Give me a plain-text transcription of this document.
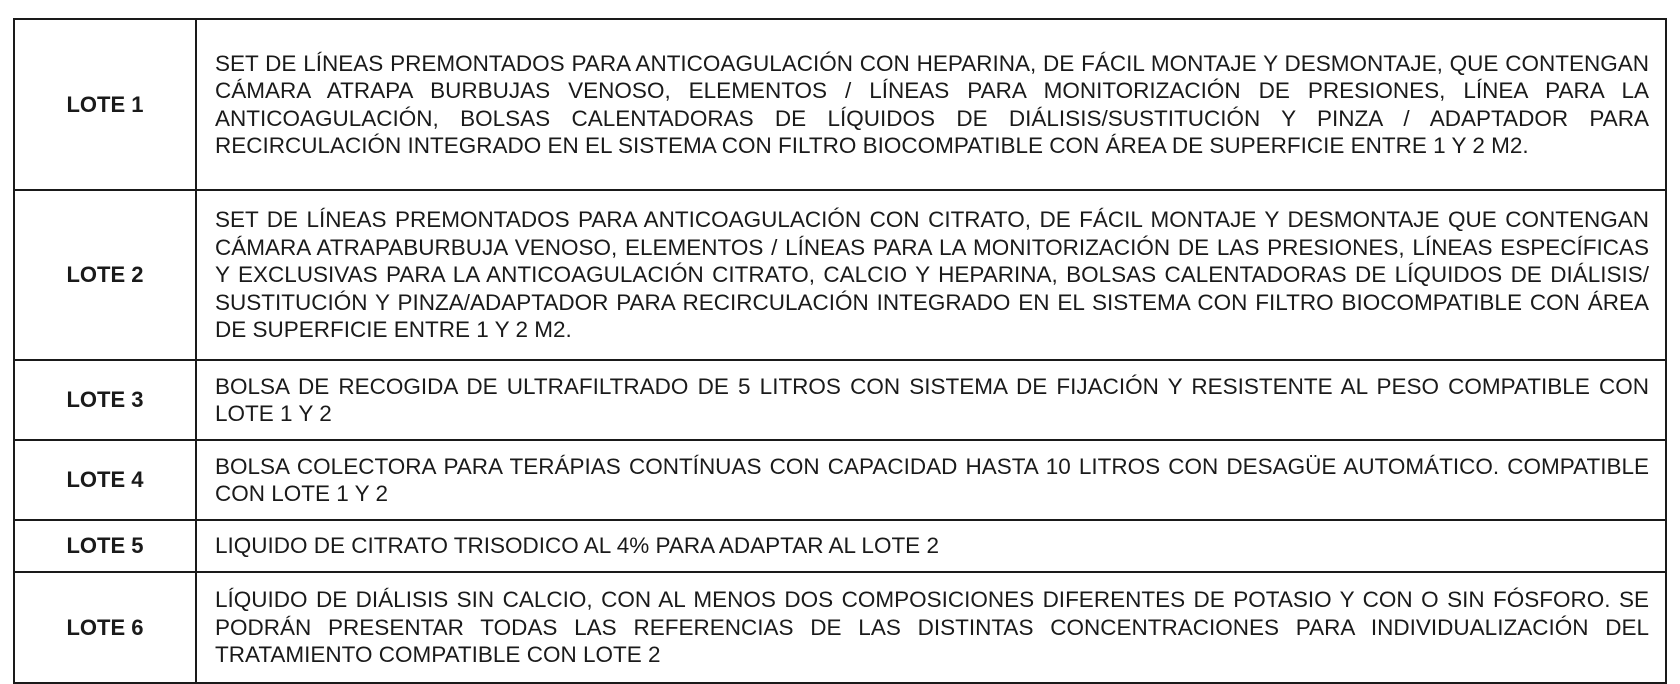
LOTE 1	SET DE LÍNEAS PREMONTADOS PARA ANTICOAGULACIÓN CON HEPARINA, DE FÁCIL MONTAJE Y DESMONTAJE, QUE CONTENGAN CÁMARA ATRAPA BURBUJAS VENOSO, ELEMENTOS / LÍNEAS PARA MONITORIZACIÓN DE PRESIONES, LÍNEA PARA LA ANTICOAGULACIÓN, BOLSAS CALENTADORAS DE LÍQUIDOS DE DIÁLISIS/SUSTITUCIÓN Y PINZA / ADAPTADOR PARA RECIRCULACIÓN INTEGRADO EN EL SISTEMA CON FILTRO BIOCOMPATIBLE CON ÁREA DE SUPERFICIE ENTRE 1 Y 2 M2.
LOTE 2	SET DE LÍNEAS PREMONTADOS PARA ANTICOAGULACIÓN CON CITRATO, DE FÁCIL MONTAJE Y DESMONTAJE QUE CONTENGAN CÁMARA ATRAPABURBUJA VENOSO, ELEMENTOS / LÍNEAS PARA LA MONITORIZACIÓN DE LAS PRESIONES, LÍNEAS ESPECÍFICAS Y EXCLUSIVAS PARA LA ANTICOAGULACIÓN CITRATO, CALCIO Y HEPARINA, BOLSAS CALENTADORAS DE LÍQUIDOS DE DIÁLISIS/ SUSTITUCIÓN Y PINZA/ADAPTADOR PARA RECIRCULACIÓN INTEGRADO EN EL SISTEMA CON FILTRO BIOCOMPATIBLE CON ÁREA DE SUPERFICIE ENTRE 1 Y 2 M2.
LOTE 3	BOLSA DE RECOGIDA DE ULTRAFILTRADO DE 5 LITROS CON SISTEMA DE FIJACIÓN Y RESISTENTE AL PESO COMPATIBLE CON LOTE 1 Y 2
LOTE 4	BOLSA COLECTORA PARA TERÁPIAS CONTÍNUAS CON CAPACIDAD HASTA 10 LITROS CON DESAGÜE AUTOMÁTICO. COMPATIBLE CON LOTE 1 Y 2
LOTE 5	LIQUIDO DE CITRATO TRISODICO AL 4% PARA ADAPTAR AL LOTE 2
LOTE 6	LÍQUIDO DE DIÁLISIS SIN CALCIO, CON AL MENOS DOS COMPOSICIONES DIFERENTES DE POTASIO Y CON O SIN FÓSFORO. SE PODRÁN PRESENTAR TODAS LAS REFERENCIAS DE LAS DISTINTAS CONCENTRACIONES PARA INDIVIDUALIZACIÓN DEL TRATAMIENTO COMPATIBLE CON LOTE 2
